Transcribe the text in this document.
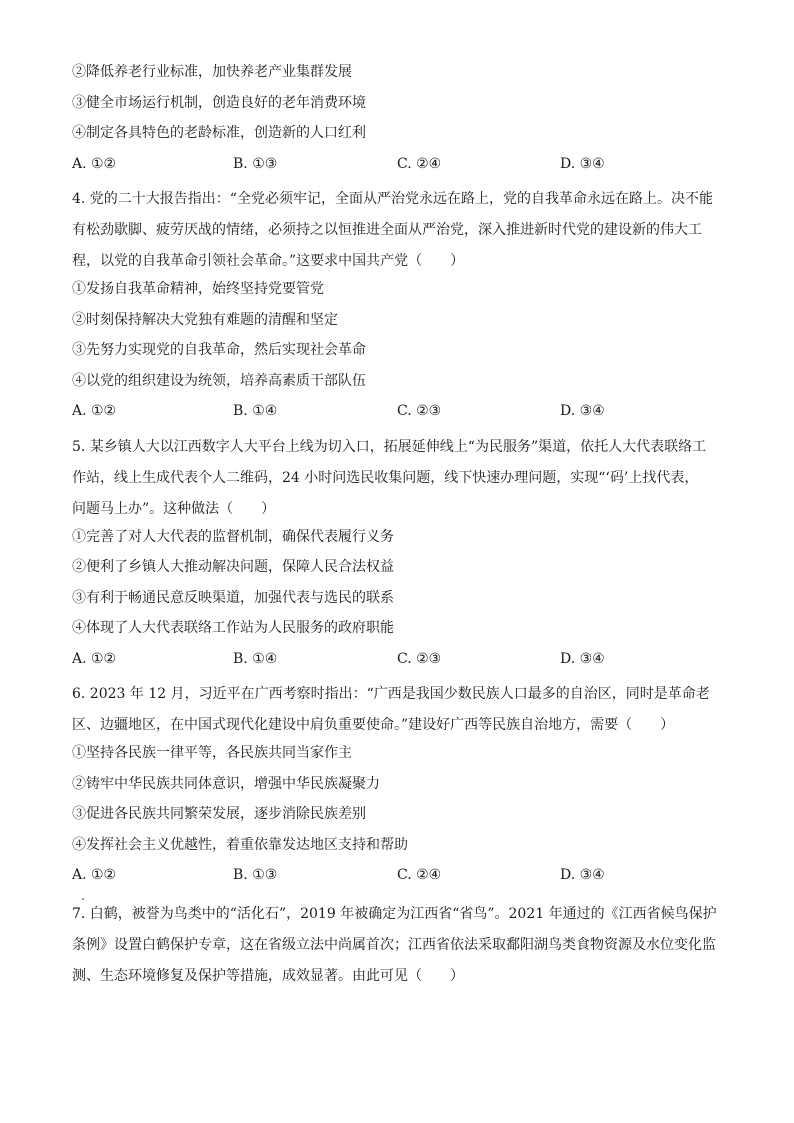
②降低养老行业标准，加快养老产业集群发展
③健全市场运行机制，创造良好的老年消费环境
④制定各具特色的老龄标准，创造新的人口红利
A. ①②	B. ①③	C. ②④	D. ③④
4. 党的二十大报告指出：“全党必须牢记，全面从严治党永远在路上，党的自我革命永远在路上。决不能
有松劲歇脚、疲劳厌战的情绪，必须持之以恒推进全面从严治党，深入推进新时代党的建设新的伟大工
程，以党的自我革命引领社会革命。”这要求中国共产党（　　）
①发扬自我革命精神，始终坚持党要管党
②时刻保持解决大党独有难题的清醒和坚定
③先努力实现党的自我革命，然后实现社会革命
④以党的组织建设为统领，培养高素质干部队伍
A. ①②	B. ①④	C. ②③	D. ③④
5. 某乡镇人大以江西数字人大平台上线为切入口，拓展延伸线上“为民服务”渠道，依托人大代表联络工
作站，线上生成代表个人二维码，24 小时问选民收集问题，线下快速办理问题，实现“‘码’上找代表，
问题马上办”。这种做法（　　）
①完善了对人大代表的监督机制，确保代表履行义务
②便利了乡镇人大推动解决问题，保障人民合法权益
③有利于畅通民意反映渠道，加强代表与选民的联系
④体现了人大代表联络工作站为人民服务的政府职能
A. ①②	B. ①④	C. ②③	D. ③④
6. 2023 年 12 月，习近平在广西考察时指出：“广西是我国少数民族人口最多的自治区，同时是革命老
区、边疆地区，在中国式现代化建设中肩负重要使命。”建设好广西等民族自治地方，需要（　　）
①坚持各民族一律平等，各民族共同当家作主
②铸牢中华民族共同体意识，增强中华民族凝聚力
③促进各民族共同繁荣发展，逐步消除民族差别
④发挥社会主义优越性，着重依靠发达地区支持和帮助
A. ①②	B. ①③	C. ②④	D. ③④
7. 白鹤，被誉为鸟类中的“活化石”，2019 年被确定为江西省“省鸟”。2021 年通过的《江西省候鸟保护
条例》设置白鹤保护专章，这在省级立法中尚属首次；江西省依法采取鄱阳湖鸟类食物资源及水位变化监
测、生态环境修复及保护等措施，成效显著。由此可见（　　）
